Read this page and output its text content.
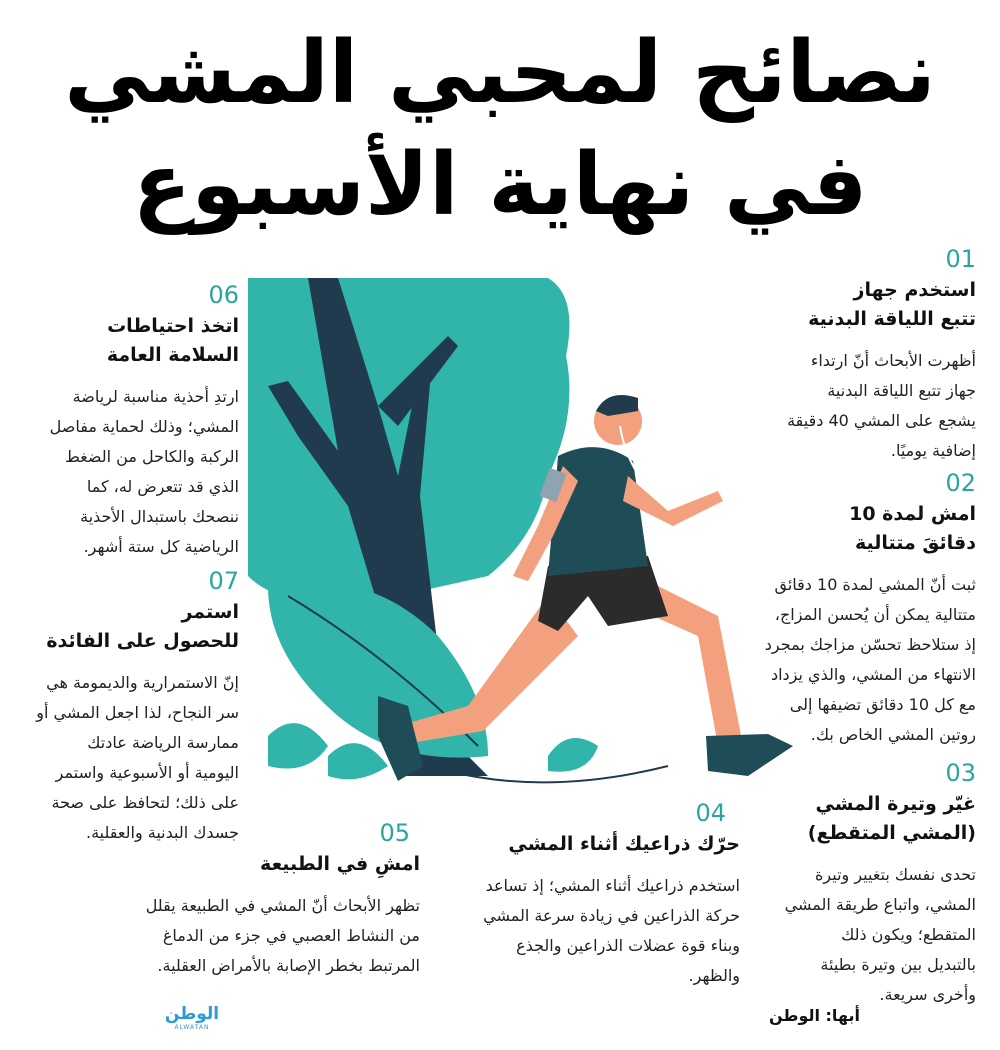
نصائح لمحبي المشي
في نهاية الأسبوع
01
استخدم جهاز
تتبع اللياقة البدنية
أظهرت الأبحاث أنّ ارتداء
جهاز تتبع اللياقة البدنية
يشجع على المشي 40 دقيقة
إضافية يوميًا.
02
امش لمدة 10
دقائقَ متتالية
ثبت أنّ المشي لمدة 10 دقائق
متتالية يمكن أن يُحسن المزاج،
إذ ستلاحظ تحسّن مزاجك بمجرد
الانتهاء من المشي، والذي يزداد
مع كل 10 دقائق تضيفها إلى
روتين المشي الخاص بك.
03
غيّر وتيرة المشي
(المشي المتقطع)
تحدى نفسك بتغيير وتيرة
المشي، واتباع طريقة المشي
المتقطع؛ ويكون ذلك
بالتبديل بين وتيرة بطيئة
وأخرى سريعة.
04
حرّك ذراعيك أثناء المشي
استخدم ذراعيك أثناء المشي؛ إذ تساعد
حركة الذراعين في زيادة سرعة المشي
وبناء قوة عضلات الذراعين والجذع
والظهر.
05
امشِ في الطبيعة
تظهر الأبحاث أنّ المشي في الطبيعة يقلل
من النشاط العصبي في جزء من الدماغ
المرتبط بخطر الإصابة بالأمراض العقلية.
06
اتخذ احتياطات
السلامة العامة
ارتدِ أحذية مناسبة لرياضة
المشي؛ وذلك لحماية مفاصل
الركبة والكاحل من الضغط
الذي قد تتعرض له، كما
ننصحك باستبدال الأحذية
الرياضية كل ستة أشهر.
07
استمر
للحصول على الفائدة
إنّ الاستمرارية والديمومة هي
سر النجاح، لذا اجعل المشي أو
ممارسة الرياضة عادتك
اليومية أو الأسبوعية واستمر
على ذلك؛ لتحافظ على صحة
جسدك البدنية والعقلية.
أبها: الوطن
الوطن
ALWATAN
